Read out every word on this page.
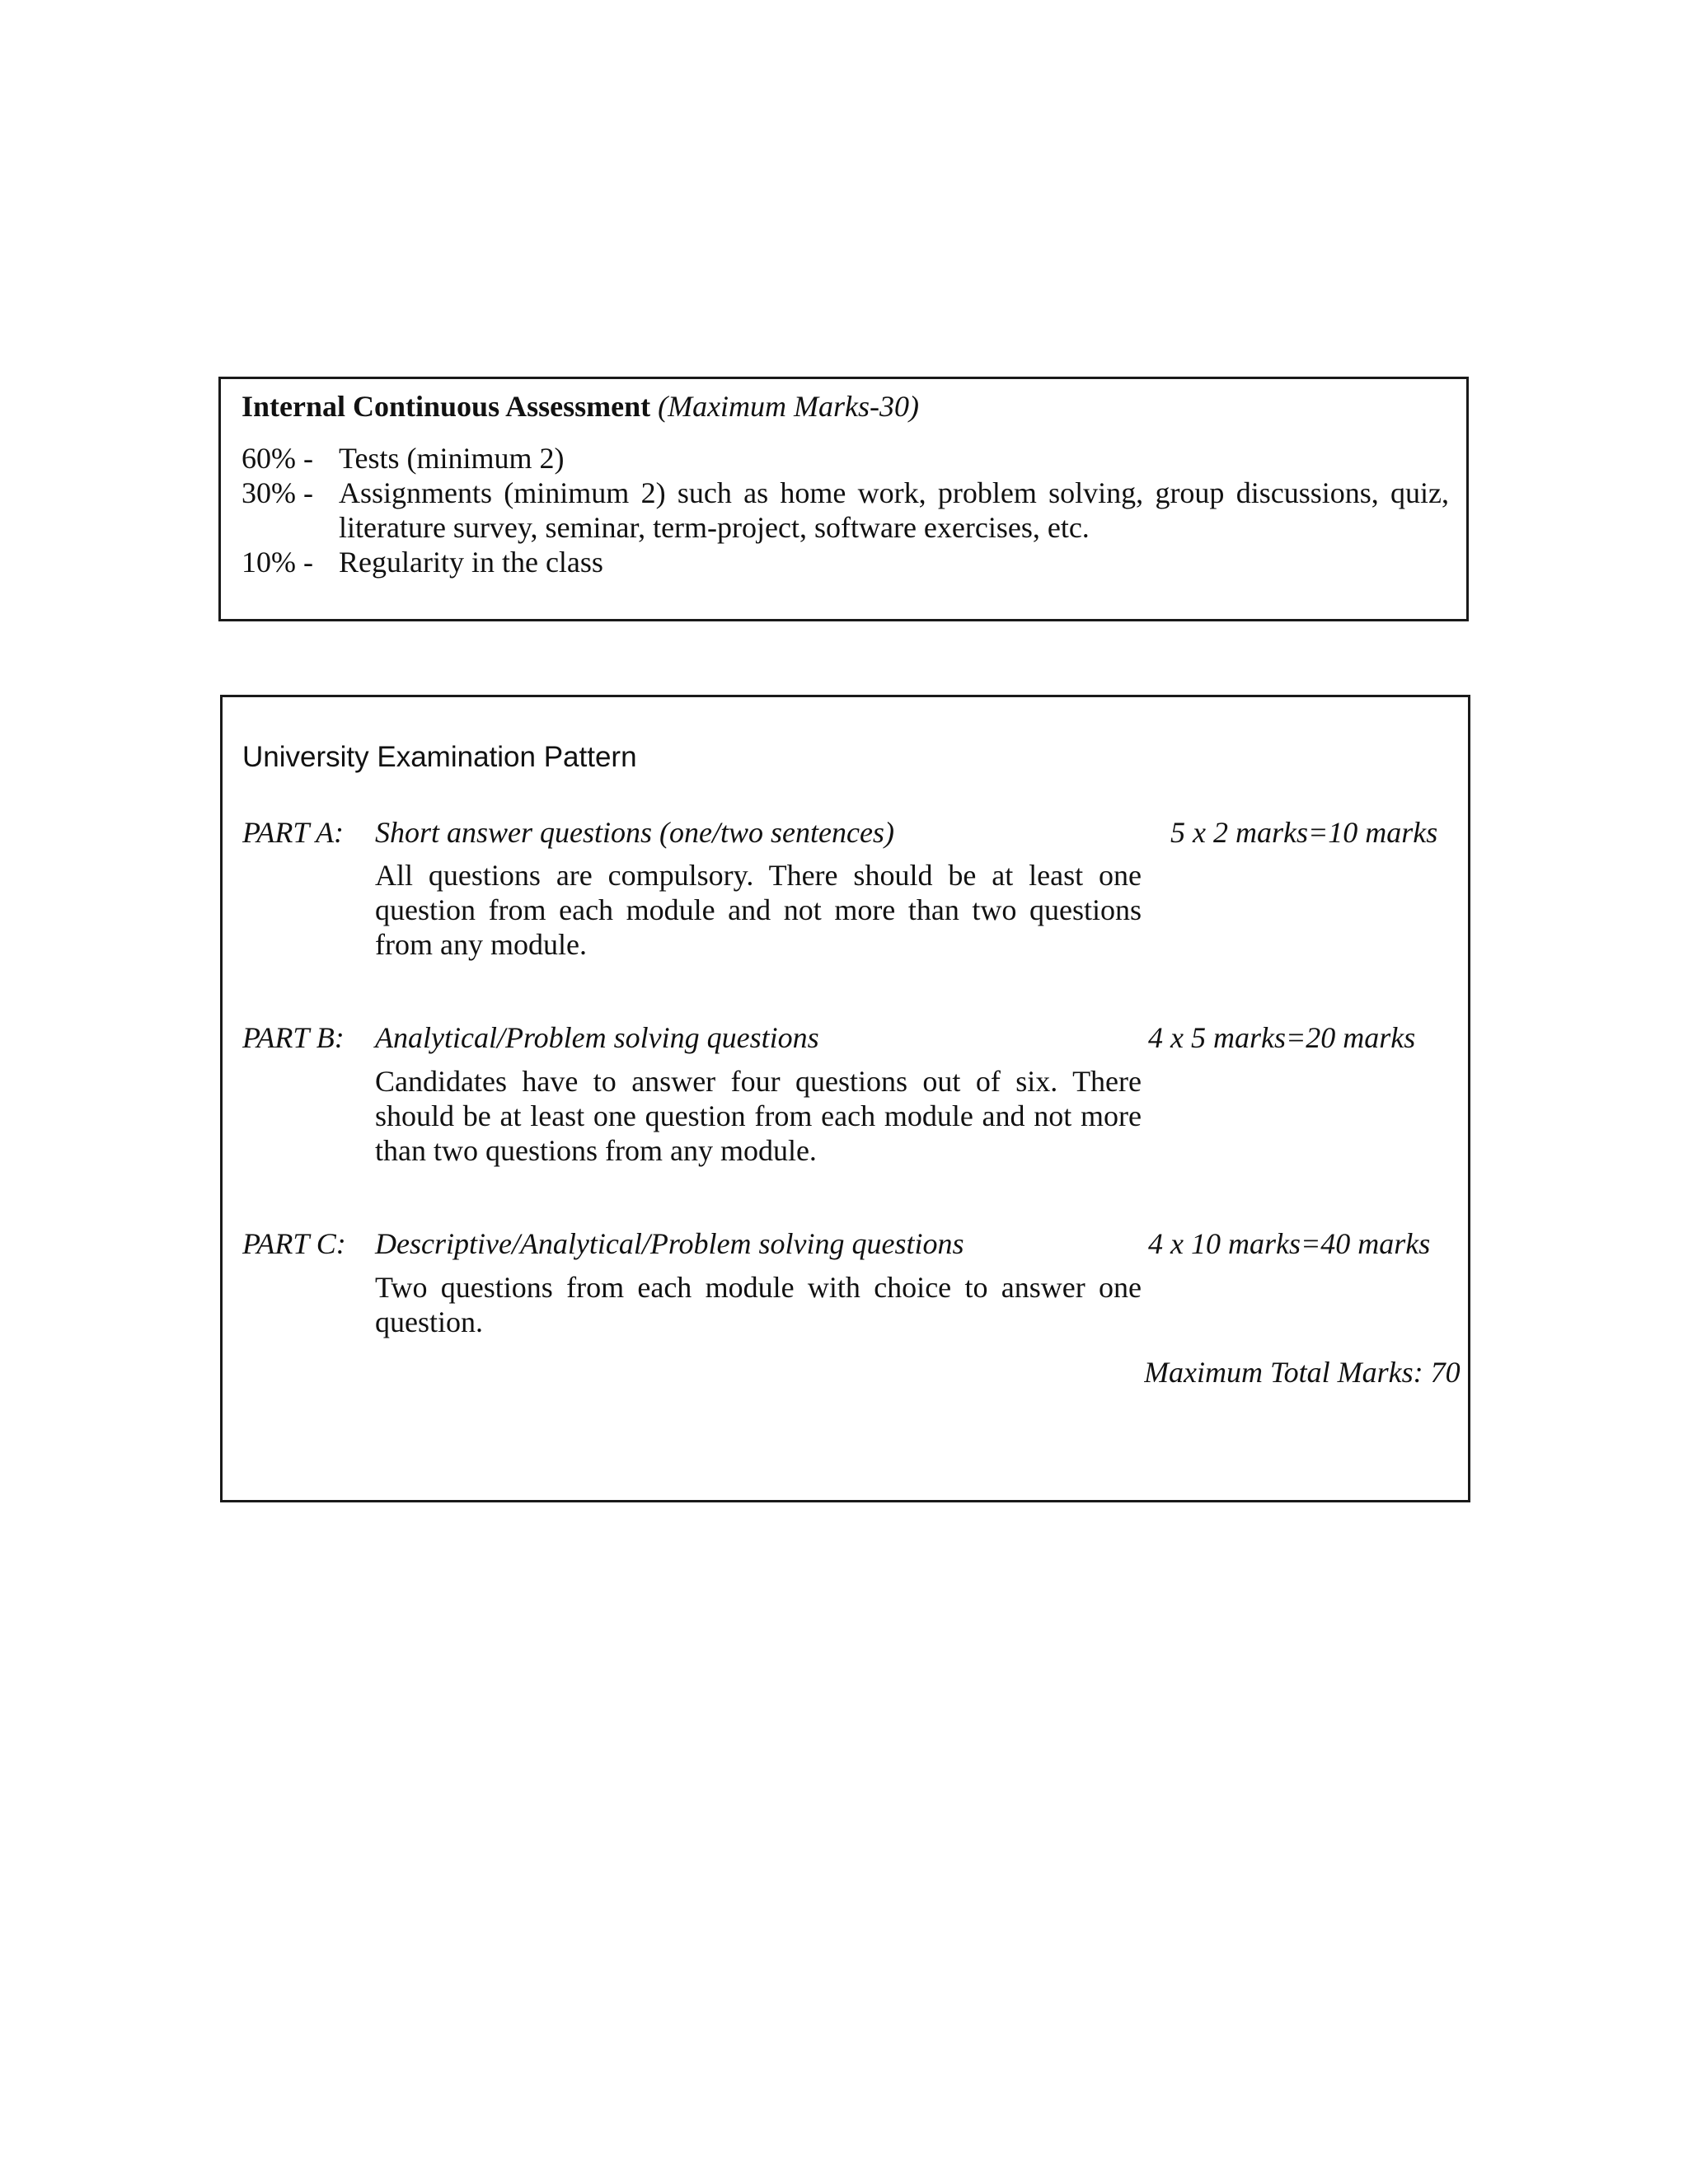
Internal Continuous Assessment (Maximum Marks-30)
60% - Tests (minimum 2)
30% - Assignments (minimum 2) such as home work, problem solving, group discussions, quiz, literature survey, seminar, term-project, software exercises, etc.
10% - Regularity in the class
University Examination Pattern
PART A: Short answer questions (one/two sentences)	5 x 2 marks=10 marks
All questions are compulsory. There should be at least one question from each module and not more than two questions from any module.
PART B: Analytical/Problem solving questions	4 x 5 marks=20 marks
Candidates have to answer four questions out of six. There should be at least one question from each module and not more than two questions from any module.
PART C: Descriptive/Analytical/Problem solving questions	4 x 10 marks=40 marks
Two questions from each module with choice to answer one question.
Maximum Total Marks: 70
